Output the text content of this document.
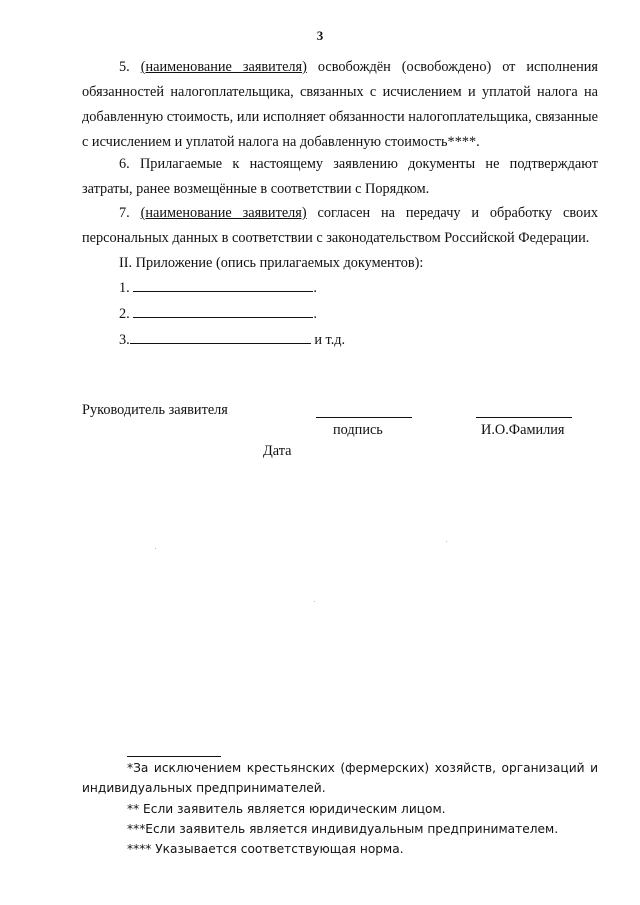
3
5. (наименование заявителя) освобождён (освобождено) от исполнения обязанностей налогоплательщика, связанных с исчислением и уплатой налога на добавленную стоимость, или исполняет обязанности налогоплательщика, связанные с исчислением и уплатой налога на добавленную стоимость****.
6. Прилагаемые к настоящему заявлению документы не подтверждают затраты, ранее возмещённые в соответствии с Порядком.
7. (наименование заявителя) согласен на передачу и обработку своих персональных данных в соответствии с законодательством Российской Федерации.
II. Приложение (опись прилагаемых документов):
1.	.
2.	.
3.	и т.д.
Руководитель заявителя
подпись	И.О.Фамилия
Дата
*За исключением крестьянских (фермерских) хозяйств, организаций и индивидуальных предпринимателей.
** Если заявитель является юридическим лицом.
***Если заявитель является индивидуальным предпринимателем.
**** Указывается соответствующая норма.
